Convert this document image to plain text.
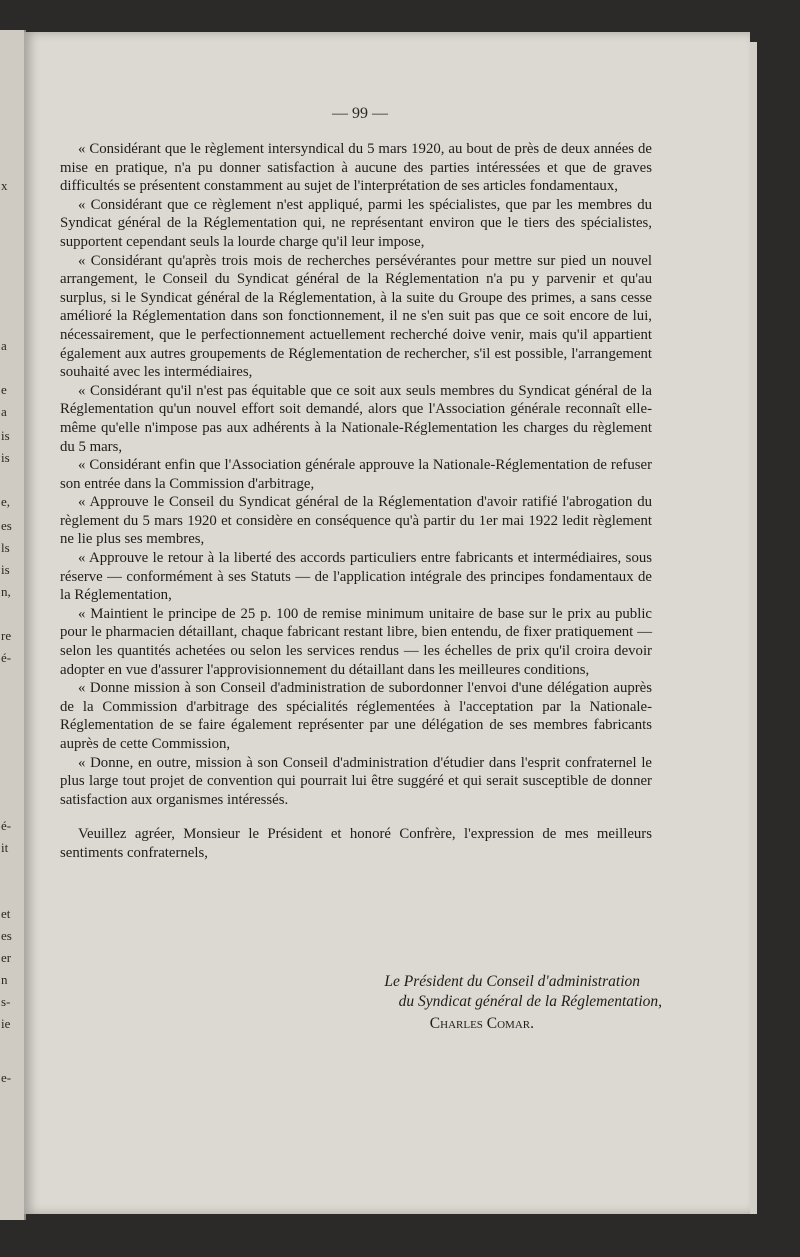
x
a
e
a
is
is
e,
es
ls
is
n,
re
é-
é-
it
et
es
er
n
s-
ie
e-
— 99 —

« Considérant que le règlement intersyndical du 5 mars 1920, au bout de près de deux années de mise en pratique, n'a pu donner satisfaction à aucune des parties intéressées et que de graves difficultés se présentent constamment au sujet de l'interprétation de ses articles fondamentaux,

« Considérant que ce règlement n'est appliqué, parmi les spécialistes, que par les membres du Syndicat général de la Réglementation qui, ne représentant environ que le tiers des spécialistes, supportent cependant seuls la lourde charge qu'il leur impose,

« Considérant qu'après trois mois de recherches persévérantes pour mettre sur pied un nouvel arrangement, le Conseil du Syndicat général de la Réglementation n'a pu y parvenir et qu'au surplus, si le Syndicat général de la Réglementation, à la suite du Groupe des primes, a sans cesse amélioré la Réglementation dans son fonctionnement, il ne s'en suit pas que ce soit encore de lui, nécessairement, que le perfectionnement actuellement recherché doive venir, mais qu'il appartient également aux autres groupements de Réglementation de rechercher, s'il est possible, l'arrangement souhaité avec les intermédiaires,

« Considérant qu'il n'est pas équitable que ce soit aux seuls membres du Syndicat général de la Réglementation qu'un nouvel effort soit demandé, alors que l'Association générale reconnaît elle-même qu'elle n'impose pas aux adhérents à la Nationale-Réglementation les charges du règlement du 5 mars,

« Considérant enfin que l'Association générale approuve la Nationale-Réglementation de refuser son entrée dans la Commission d'arbitrage,

« Approuve le Conseil du Syndicat général de la Réglementation d'avoir ratifié l'abrogation du règlement du 5 mars 1920 et considère en conséquence qu'à partir du 1er mai 1922 ledit règlement ne lie plus ses membres,

« Approuve le retour à la liberté des accords particuliers entre fabricants et intermédiaires, sous réserve — conformément à ses Statuts — de l'application intégrale des principes fondamentaux de la Réglementation,

« Maintient le principe de 25 p. 100 de remise minimum unitaire de base sur le prix au public pour le pharmacien détaillant, chaque fabricant restant libre, bien entendu, de fixer pratiquement — selon les quantités achetées ou selon les services rendus — les échelles de prix qu'il croira devoir adopter en vue d'assurer l'approvisionnement du détaillant dans les meilleures conditions,

« Donne mission à son Conseil d'administration de subordonner l'envoi d'une délégation auprès de la Commission d'arbitrage des spécialités réglementées à l'acceptation par la Nationale-Réglementation de se faire également représenter par une délégation de ses membres fabricants auprès de cette Commission,

« Donne, en outre, mission à son Conseil d'administration d'étudier dans l'esprit confraternel le plus large tout projet de convention qui pourrait lui être suggéré et qui serait susceptible de donner satisfaction aux organismes intéressés.

Veuillez agréer, Monsieur le Président et honoré Confrère, l'expression de mes meilleurs sentiments confraternels,

Le Président du Conseil d'administration
du Syndicat général de la Réglementation,
Charles Comar.
